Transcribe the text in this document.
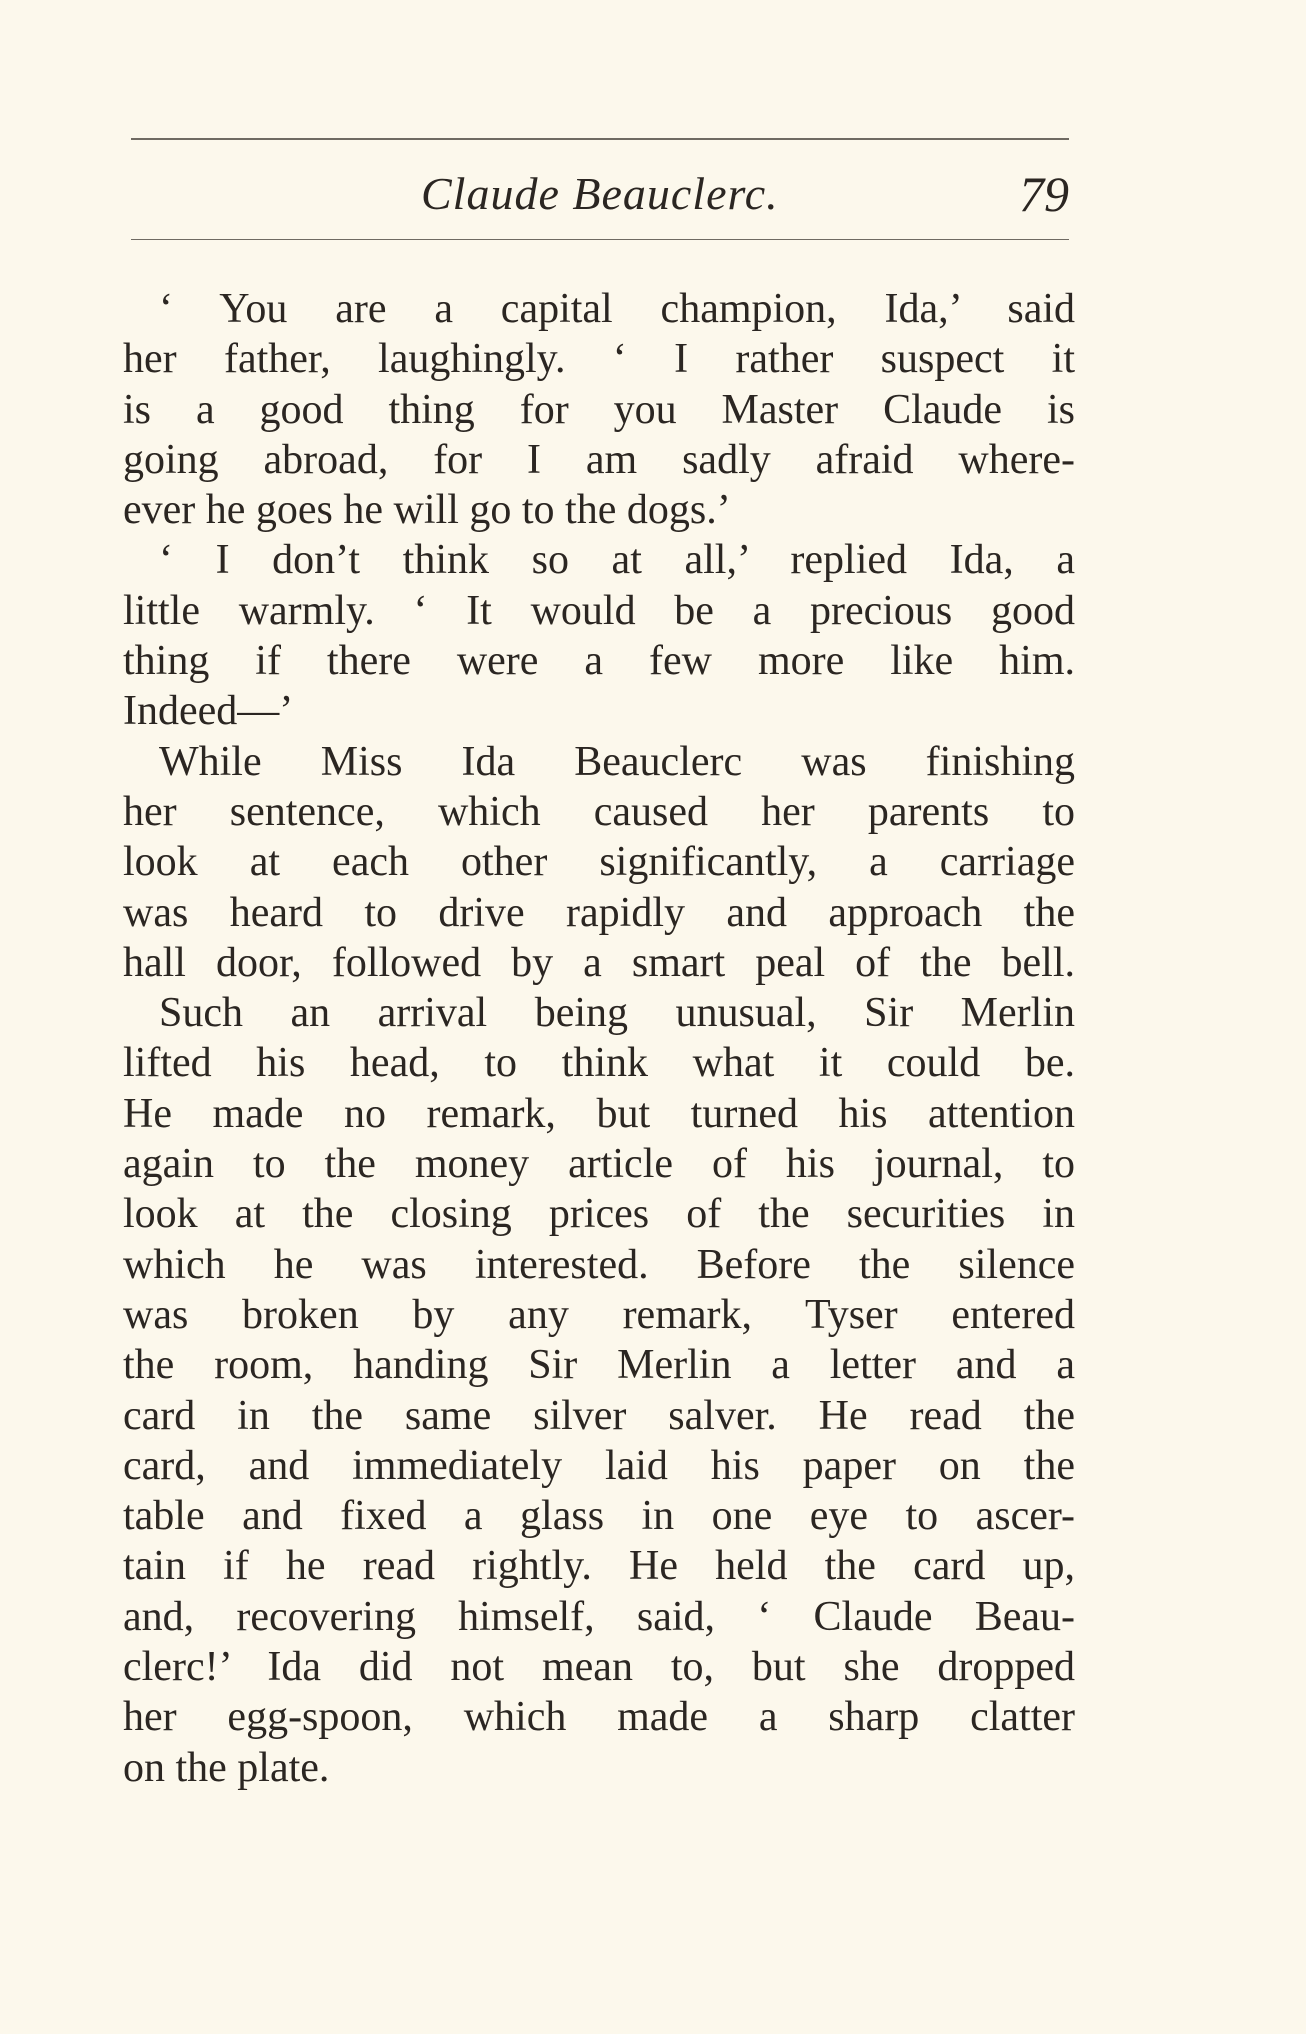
Claude Beauclerc.	79
‘ You are a capital champion, Ida,’ said
her father, laughingly. ‘ I rather suspect it
is a good thing for you Master Claude is
going abroad, for I am sadly afraid where-
ever he goes he will go to the dogs.’
‘ I don’t think so at all,’ replied Ida, a
little warmly. ‘ It would be a precious good
thing if there were a few more like him.
Indeed—’
While Miss Ida Beauclerc was finishing
her sentence, which caused her parents to
look at each other significantly, a carriage
was heard to drive rapidly and approach the
hall door, followed by a smart peal of the bell.
Such an arrival being unusual, Sir Merlin
lifted his head, to think what it could be.
He made no remark, but turned his attention
again to the money article of his journal, to
look at the closing prices of the securities in
which he was interested. Before the silence
was broken by any remark, Tyser entered
the room, handing Sir Merlin a letter and a
card in the same silver salver. He read the
card, and immediately laid his paper on the
table and fixed a glass in one eye to ascer-
tain if he read rightly. He held the card up,
and, recovering himself, said, ‘ Claude Beau-
clerc!’ Ida did not mean to, but she dropped
her egg-spoon, which made a sharp clatter
on the plate.
